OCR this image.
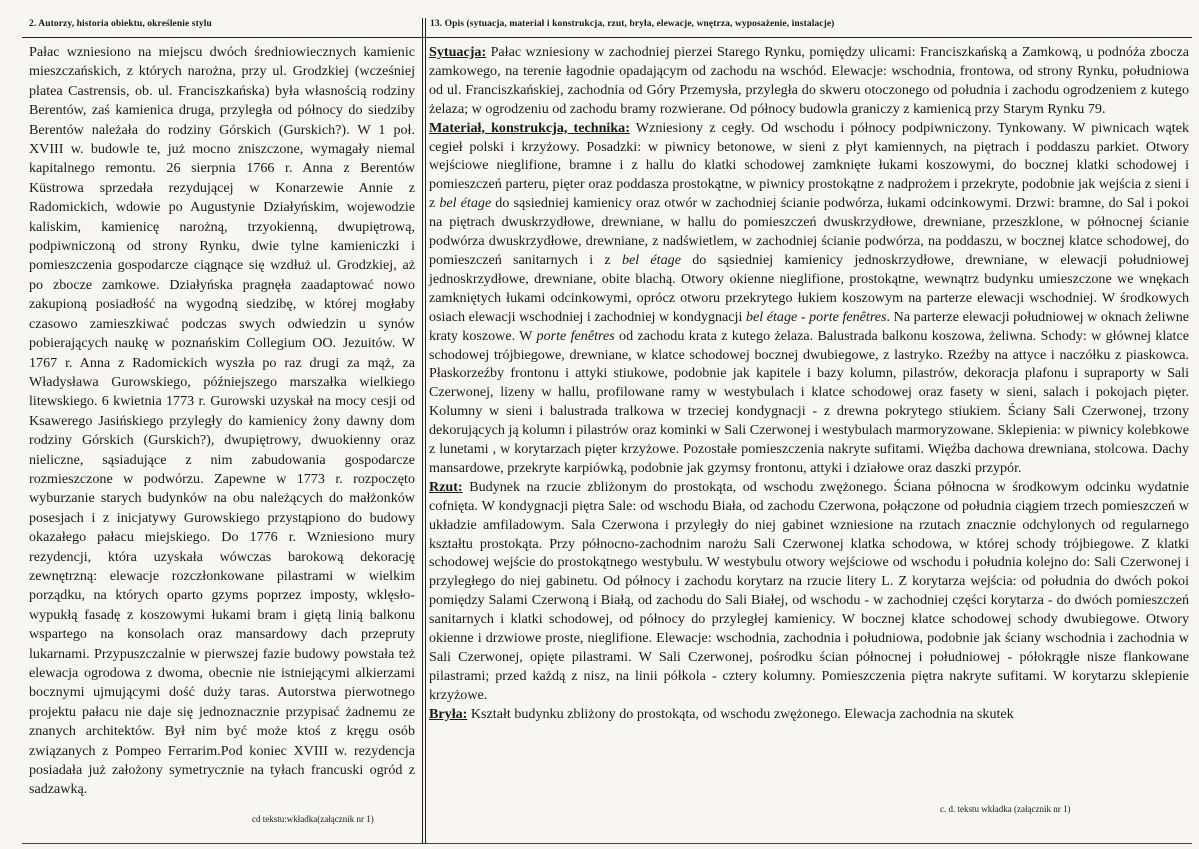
2. Autorzy, historia obiektu, określenie stylu	13. Opis (sytuacja, materiał i konstrukcja, rzut, bryła, elewacje, wnętrza, wyposażenie, instalacje)

Pałac wzniesiono na miejscu dwóch średniowiecznych kamienic mieszczańskich, z których narożna, przy ul. Grodzkiej (wcześniej platea Castrensis, ob. ul. Franciszkańska) była własnością rodziny Berentów, zaś kamienica druga, przyległa od północy do siedziby Berentów należała do rodziny Górskich (Gurskich?). W 1 poł. XVIII w. budowle te, już mocno zniszczone, wymagały niemal kapitalnego remontu. 26 sierpnia 1766 r. Anna z Berentów Küstrowa sprzedała rezydującej w Konarzewie Annie z Radomickich, wdowie po Augustynie Działyńskim, wojewodzie kaliskim, kamienicę narożną, trzyokienną, dwupiętrową, podpiwniczoną od strony Rynku, dwie tylne kamieniczki i pomieszczenia gospodarcze ciągnące się wzdłuż ul. Grodzkiej, aż po zbocze zamkowe. Działyńska pragnęła zaadaptować nowo zakupioną posiadłość na wygodną siedzibę, w której mogłaby czasowo zamieszkiwać podczas swych odwiedzin u synów pobierających naukę w poznańskim Collegium OO. Jezuitów. W 1767 r. Anna z Radomickich wyszła po raz drugi za mąż, za Władysława Gurowskiego, późniejszego marszałka wielkiego litewskiego. 6 kwietnia 1773 r. Gurowski uzyskał na mocy cesji od Ksawerego Jasińskiego przyległy do kamienicy żony dawny dom rodziny Górskich (Gurskich?), dwupiętrowy, dwuokienny oraz nieliczne, sąsiadujące z nim zabudowania gospodarcze rozmieszczone w podwórzu. Zapewne w 1773 r. rozpoczęto wyburzanie starych budynków na obu należących do małżonków posesjach i z inicjatywy Gurowskiego przystąpiono do budowy okazałego pałacu miejskiego. Do 1776 r. Wzniesiono mury rezydencji, która uzyskała wówczas barokową dekorację zewnętrzną: elewacje rozczłonkowane pilastrami w wielkim porządku, na których oparto gzyms poprzez imposty, wklęsło-wypukłą fasadę z koszowymi łukami bram i giętą linią balkonu wspartego na konsolach oraz mansardowy dach przepruty lukarnami. Przypuszczalnie w pierwszej fazie budowy powstała też elewacja ogrodowa z dwoma, obecnie nie istniejącymi alkierzami bocznymi ujmującymi dość duży taras. Autorstwa pierwotnego projektu pałacu nie daje się jednoznacznie przypisać żadnemu ze znanych architektów. Był nim być może ktoś z kręgu osób związanych z Pompeo Ferrarim.Pod koniec XVIII w. rezydencja posiadała już założony symetrycznie na tyłach francuski ogród z sadzawką.

cd tekstu:wkładka(załącznik nr 1)

Sytuacja: Pałac wzniesiony w zachodniej pierzei Starego Rynku, pomiędzy ulicami: Franciszkańską a Zamkową, u podnóża zbocza zamkowego, na terenie łagodnie opadającym od zachodu na wschód. Elewacje: wschodnia, frontowa, od strony Rynku, południowa od ul. Franciszkańskiej, zachodnia od Góry Przemysła, przyległa do skweru otoczonego od południa i zachodu ogrodzeniem z kutego żelaza; w ogrodzeniu od zachodu bramy rozwierane. Od północy budowla graniczy z kamienicą przy Starym Rynku 79.

Materiał, konstrukcja, technika: Wzniesiony z cegły. Od wschodu i północy podpiwniczony. Tynkowany. W piwnicach wątek cegieł polski i krzyżowy. Posadzki: w piwnicy betonowe, w sieni z płyt kamiennych, na piętrach i poddaszu parkiet. Otwory wejściowe nieglifione, bramne i z hallu do klatki schodowej zamknięte łukami koszowymi, do bocznej klatki schodowej i pomieszczeń parteru, pięter oraz poddasza prostokątne, w piwnicy prostokątne z nadprożem i przekryte, podobnie jak wejścia z sieni i z bel étage do sąsiedniej kamienicy oraz otwór w zachodniej ścianie podwórza, łukami odcinkowymi. Drzwi: bramne, do Sal i pokoi na piętrach dwuskrzydłowe, drewniane, w hallu do pomieszczeń dwuskrzydłowe, drewniane, przeszklone, w północnej ścianie podwórza dwuskrzydłowe, drewniane, z nadświetlem, w zachodniej ścianie podwórza, na poddaszu, w bocznej klatce schodowej, do pomieszczeń sanitarnych i z bel étage do sąsiedniej kamienicy jednoskrzydłowe, drewniane, w elewacji południowej jednoskrzydłowe, drewniane, obite blachą. Otwory okienne nieglifione, prostokątne, wewnątrz budynku umieszczone we wnękach zamkniętych łukami odcinkowymi, oprócz otworu przekrytego łukiem koszowym na parterze elewacji wschodniej. W środkowych osiach elewacji wschodniej i zachodniej w kondygnacji bel étage - porte fenêtres. Na parterze elewacji południowej w oknach żeliwne kraty koszowe. W porte fenêtres od zachodu krata z kutego żelaza. Balustrada balkonu koszowa, żeliwna. Schody: w głównej klatce schodowej trójbiegowe, drewniane, w klatce schodowej bocznej dwubiegowe, z lastryko. Rzeźby na attyce i naczółku z piaskowca. Płaskorzeźby frontonu i attyki stiukowe, podobnie jak kapitele i bazy kolumn, pilastrów, dekoracja plafonu i supraporty w Sali Czerwonej, lizeny w hallu, profilowane ramy w westybulach i klatce schodowej oraz fasety w sieni, salach i pokojach pięter. Kolumny w sieni i balustrada tralkowa w trzeciej kondygnacji - z drewna pokrytego stiukiem. Ściany Sali Czerwonej, trzony dekorujących ją kolumn i pilastrów oraz kominki w Sali Czerwonej i westybulach marmoryzowane. Sklepienia: w piwnicy kolebkowe z lunetami , w korytarzach pięter krzyżowe. Pozostałe pomieszczenia nakryte sufitami. Więźba dachowa drewniana, stolcowa. Dachy mansardowe, przekryte karpiówką, podobnie jak gzymsy frontonu, attyki i działowe oraz daszki przypór.

Rzut: Budynek na rzucie zbliżonym do prostokąta, od wschodu zwężonego. Ściana północna w środkowym odcinku wydatnie cofnięta. W kondygnacji piętra Sale: od wschodu Biała, od zachodu Czerwona, połączone od południa ciągiem trzech pomieszczeń w układzie amfiladowym. Sala Czerwona i przyległy do niej gabinet wzniesione na rzutach znacznie odchylonych od regularnego kształtu prostokąta. Przy północno-zachodnim narożu Sali Czerwonej klatka schodowa, w której schody trójbiegowe. Z klatki schodowej wejście do prostokątnego westybulu. W westybulu otwory wejściowe od wschodu i południa kolejno do: Sali Czerwonej i przyległego do niej gabinetu. Od północy i zachodu korytarz na rzucie litery L. Z korytarza wejścia: od południa do dwóch pokoi pomiędzy Salami Czerwoną i Białą, od zachodu do Sali Białej, od wschodu - w zachodniej części korytarza - do dwóch pomieszczeń sanitarnych i klatki schodowej, od północy do przyległej kamienicy. W bocznej klatce schodowej schody dwubiegowe. Otwory okienne i drzwiowe proste, nieglifione. Elewacje: wschodnia, zachodnia i południowa, podobnie jak ściany wschodnia i zachodnia w Sali Czerwonej, opięte pilastrami. W Sali Czerwonej, pośrodku ścian północnej i południowej - półokrągłe nisze flankowane pilastrami; przed każdą z nisz, na linii półkola - cztery kolumny. Pomieszczenia piętra nakryte sufitami. W korytarzu sklepienie krzyżowe.

Bryła: Kształt budynku zbliżony do prostokąta, od wschodu zwężonego. Elewacja zachodnia na skutek

c. d. tekstu wkładka (załącznik nr 1)
